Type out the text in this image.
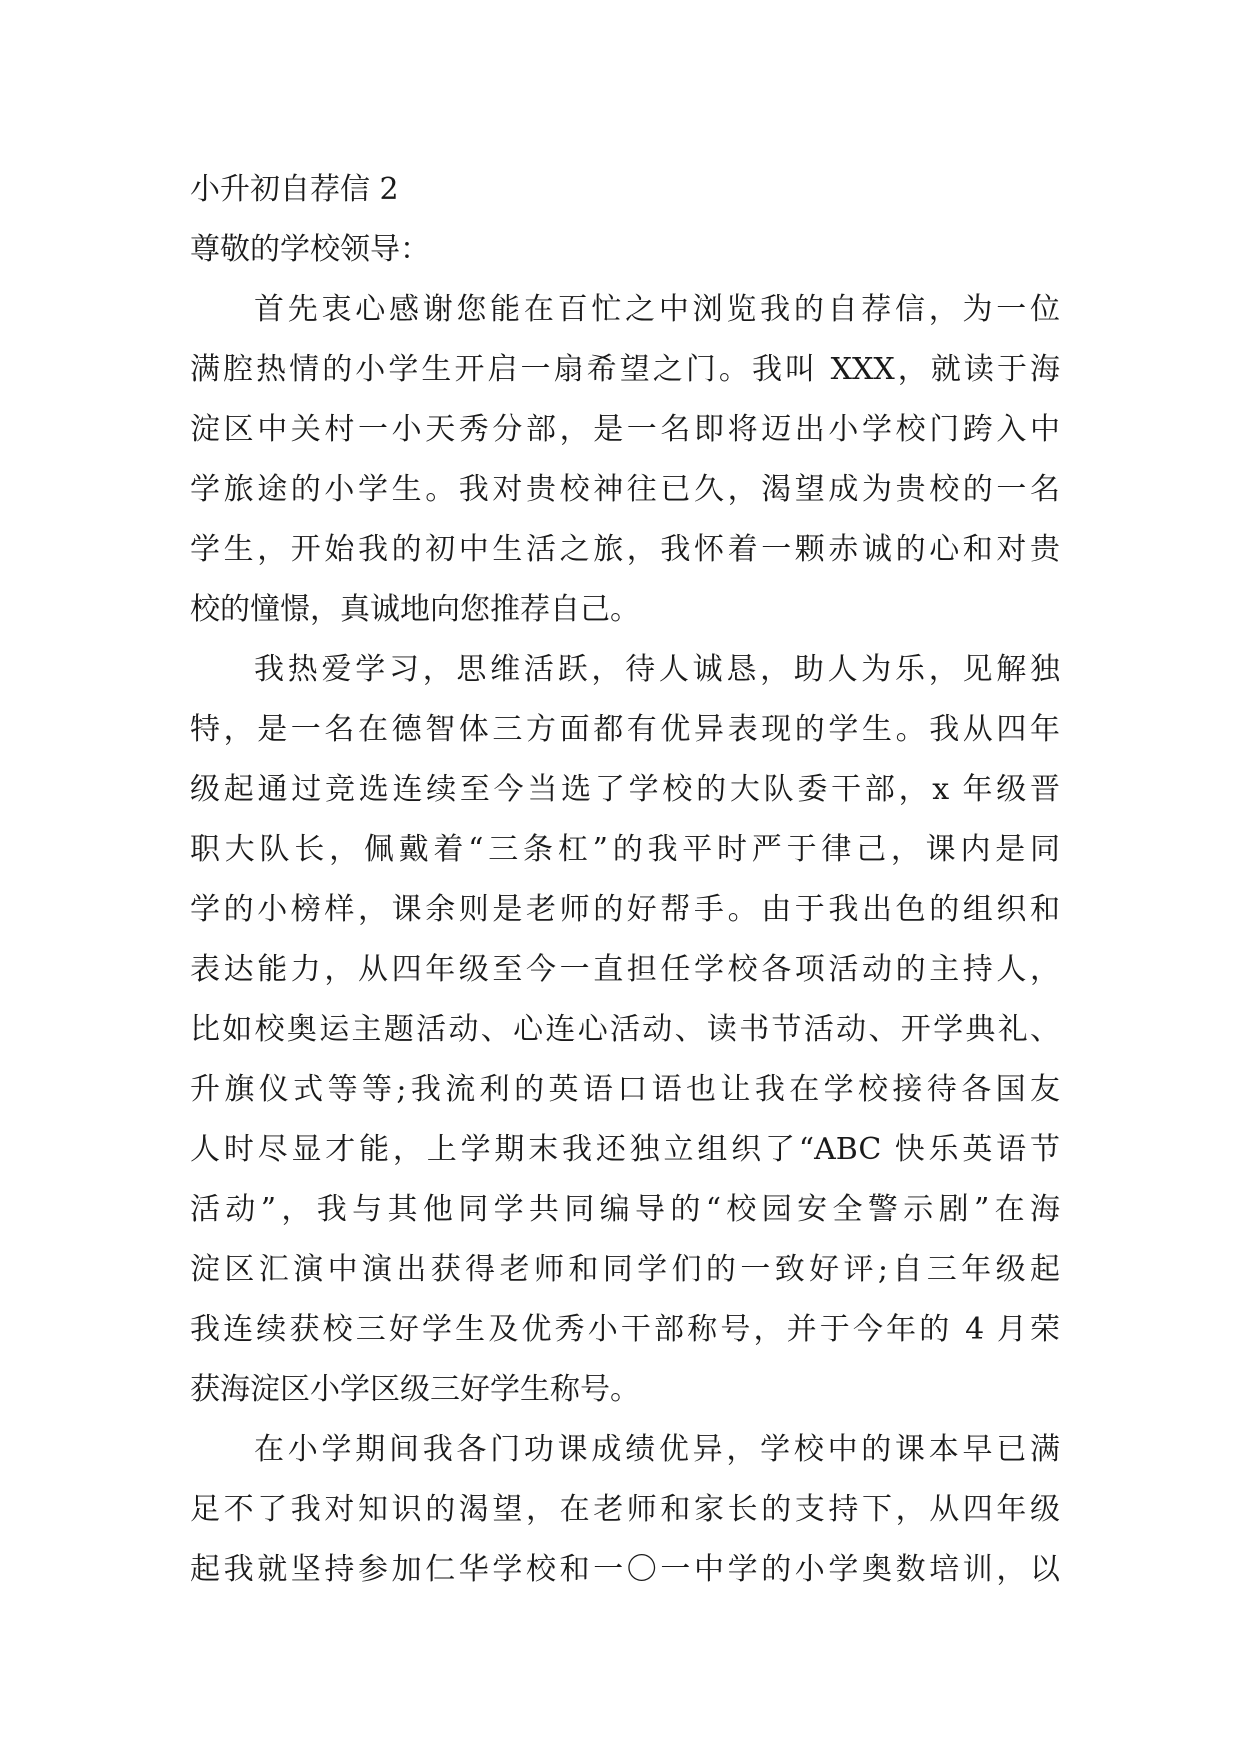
小升初自荐信 2

尊敬的学校领导：

首先衷心感谢您能在百忙之中浏览我的自荐信，为一位
满腔热情的小学生开启一扇希望之门。我叫 XXX，就读于海
淀区中关村一小天秀分部，是一名即将迈出小学校门跨入中
学旅途的小学生。我对贵校神往已久，渴望成为贵校的一名
学生，开始我的初中生活之旅，我怀着一颗赤诚的心和对贵
校的憧憬，真诚地向您推荐自己。
我热爱学习，思维活跃，待人诚恳，助人为乐，见解独
特，是一名在德智体三方面都有优异表现的学生。我从四年
级起通过竞选连续至今当选了学校的大队委干部，x 年级晋
职大队长，佩戴着“三条杠”的我平时严于律己，课内是同
学的小榜样，课余则是老师的好帮手。由于我出色的组织和
表达能力，从四年级至今一直担任学校各项活动的主持人，
比如校奥运主题活动、心连心活动、读书节活动、开学典礼、
升旗仪式等等;我流利的英语口语也让我在学校接待各国友
人时尽显才能，上学期末我还独立组织了“ABC 快乐英语节
活动”，我与其他同学共同编导的“校园安全警示剧”在海
淀区汇演中演出获得老师和同学们的一致好评;自三年级起
我连续获校三好学生及优秀小干部称号，并于今年的 4 月荣
获海淀区小学区级三好学生称号。
在小学期间我各门功课成绩优异，学校中的课本早已满
足不了我对知识的渴望，在老师和家长的支持下，从四年级
起我就坚持参加仁华学校和一〇一中学的小学奥数培训，以
